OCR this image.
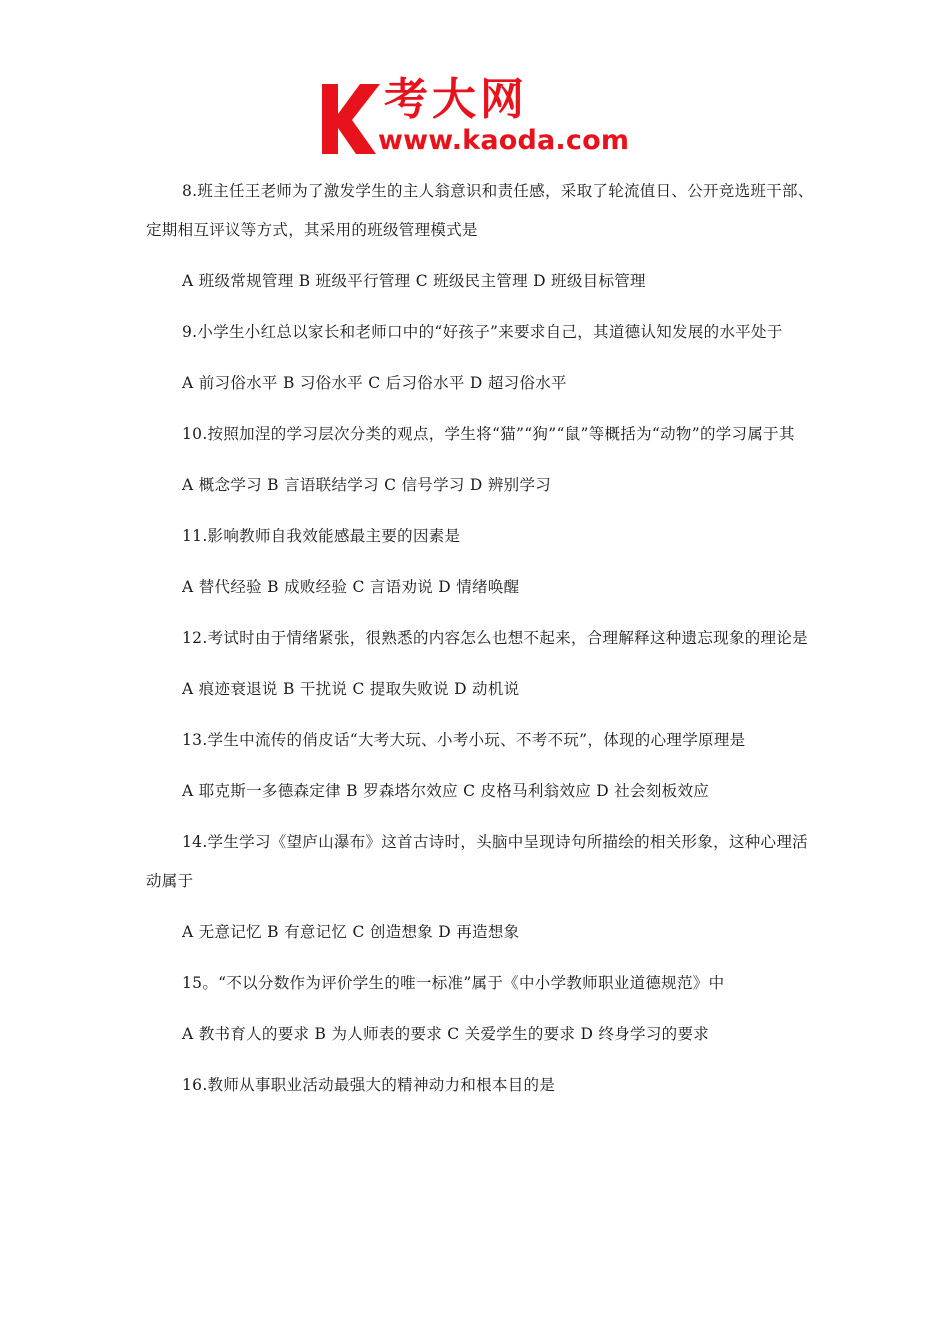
考大网
www.kaoda.com

8.班主任王老师为了激发学生的主人翁意识和责任感，采取了轮流值日、公开竞选班干部、定期相互评议等方式，其采用的班级管理模式是

A 班级常规管理 B 班级平行管理 C 班级民主管理 D 班级目标管理

9.小学生小红总以家长和老师口中的“好孩子”来要求自己，其道德认知发展的水平处于

A 前习俗水平 B 习俗水平 C 后习俗水平 D 超习俗水平

10.按照加涅的学习层次分类的观点，学生将“猫”“狗”“鼠”等概括为“动物”的学习属于其

A 概念学习 B 言语联结学习 C 信号学习 D 辨别学习

11.影响教师自我效能感最主要的因素是

A 替代经验 B 成败经验 C 言语劝说 D 情绪唤醒

12.考试时由于情绪紧张，很熟悉的内容怎么也想不起来，合理解释这种遗忘现象的理论是

A 痕迹衰退说 B 干扰说 C 提取失败说 D 动机说

13.学生中流传的俏皮话“大考大玩、小考小玩、不考不玩”，体现的心理学原理是

A 耶克斯一多德森定律 B 罗森塔尔效应 C 皮格马利翁效应 D 社会刻板效应

14.学生学习《望庐山瀑布》这首古诗时，头脑中呈现诗句所描绘的相关形象，这种心理活动属于

A 无意记忆 B 有意记忆 C 创造想象 D 再造想象

15。“不以分数作为评价学生的唯一标准”属于《中小学教师职业道德规范》中

A 教书育人的要求 B 为人师表的要求 C 关爱学生的要求 D 终身学习的要求

16.教师从事职业活动最强大的精神动力和根本目的是
